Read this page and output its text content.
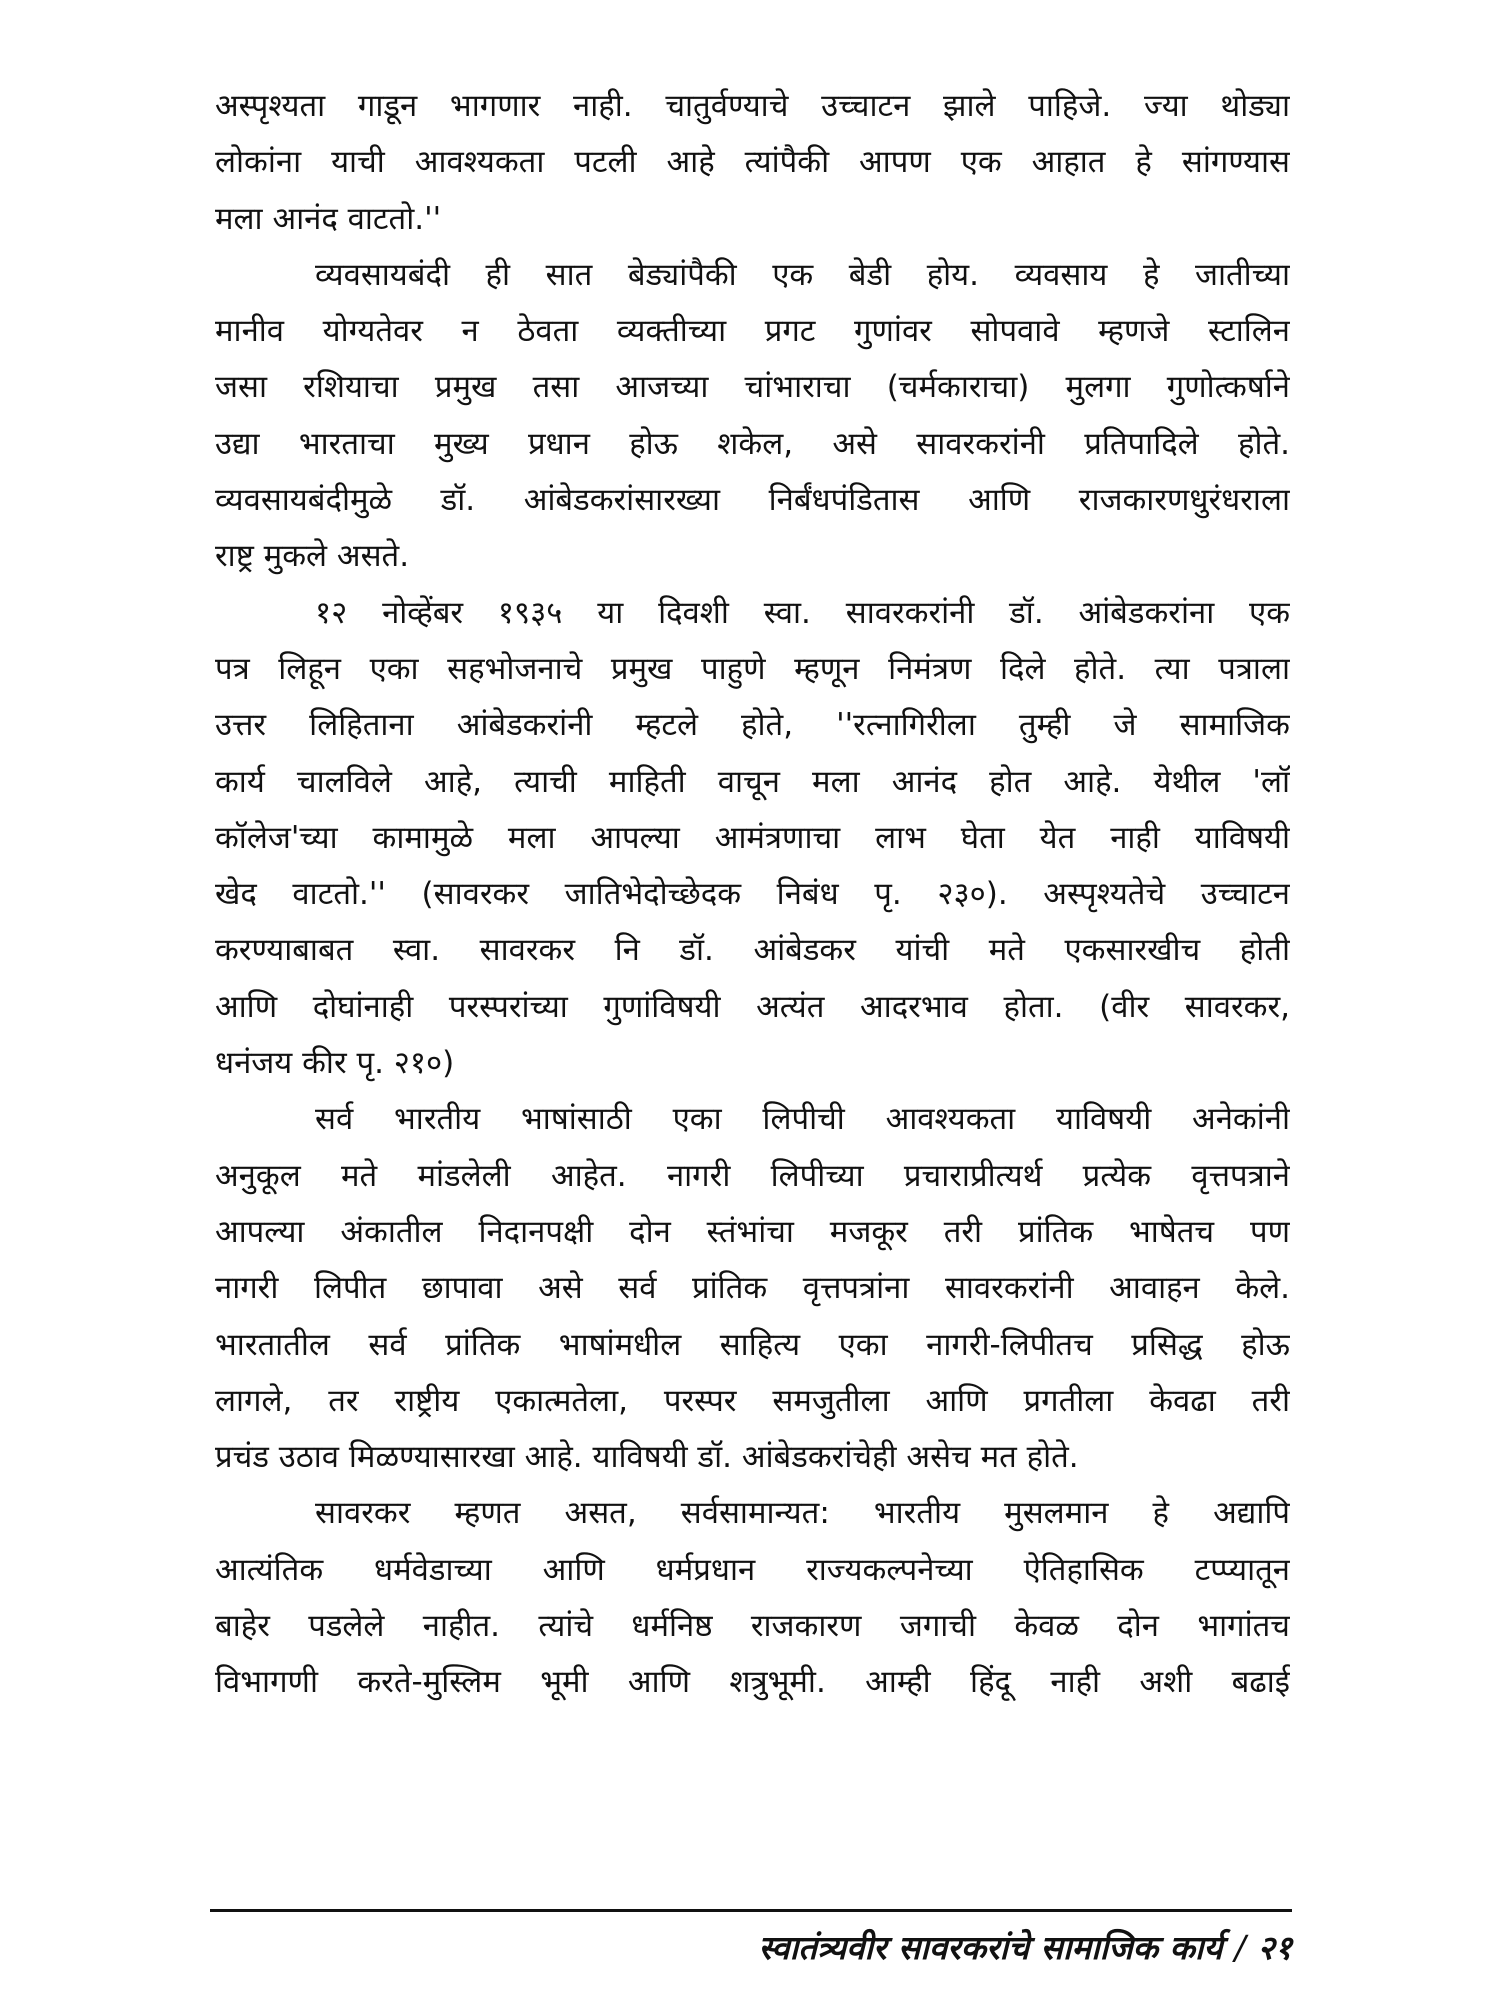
अस्पृश्यता गाडून भागणार नाही. चातुर्वण्याचे उच्चाटन झाले पाहिजे. ज्या थोड्या
लोकांना याची आवश्यकता पटली आहे त्यांपैकी आपण एक आहात हे सांगण्यास
मला आनंद वाटतो.''
व्यवसायबंदी ही सात बेड्यांपैकी एक बेडी होय. व्यवसाय हे जातीच्या
मानीव योग्यतेवर न ठेवता व्यक्तीच्या प्रगट गुणांवर सोपवावे म्हणजे स्टालिन
जसा रशियाचा प्रमुख तसा आजच्या चांभाराचा (चर्मकाराचा) मुलगा गुणोत्कर्षाने
उद्या भारताचा मुख्य प्रधान होऊ शकेल, असे सावरकरांनी प्रतिपादिले होते.
व्यवसायबंदीमुळे डॉ. आंबेडकरांसारख्या निर्बंधपंडितास आणि राजकारणधुरंधराला
राष्ट्र मुकले असते.
१२ नोव्हेंबर १९३५ या दिवशी स्वा. सावरकरांनी डॉ. आंबेडकरांना एक
पत्र लिहून एका सहभोजनाचे प्रमुख पाहुणे म्हणून निमंत्रण दिले होते. त्या पत्राला
उत्तर लिहिताना आंबेडकरांनी म्हटले होते, ''रत्नागिरीला तुम्ही जे सामाजिक
कार्य चालविले आहे, त्याची माहिती वाचून मला आनंद होत आहे. येथील 'लॉ
कॉलेज'च्या कामामुळे मला आपल्या आमंत्रणाचा लाभ घेता येत नाही याविषयी
खेद वाटतो.'' (सावरकर जातिभेदोच्छेदक निबंध पृ. २३०). अस्पृश्यतेचे उच्चाटन
करण्याबाबत स्वा. सावरकर नि डॉ. आंबेडकर यांची मते एकसारखीच होती
आणि दोघांनाही परस्परांच्या गुणांविषयी अत्यंत आदरभाव होता. (वीर सावरकर,
धनंजय कीर पृ. २१०)
सर्व भारतीय भाषांसाठी एका लिपीची आवश्यकता याविषयी अनेकांनी
अनुकूल मते मांडलेली आहेत. नागरी लिपीच्या प्रचाराप्रीत्यर्थ प्रत्येक वृत्तपत्राने
आपल्या अंकातील निदानपक्षी दोन स्तंभांचा मजकूर तरी प्रांतिक भाषेतच पण
नागरी लिपीत छापावा असे सर्व प्रांतिक वृत्तपत्रांना सावरकरांनी आवाहन केले.
भारतातील सर्व प्रांतिक भाषांमधील साहित्य एका नागरी-लिपीतच प्रसिद्ध होऊ
लागले, तर राष्ट्रीय एकात्मतेला, परस्पर समजुतीला आणि प्रगतीला केवढा तरी
प्रचंड उठाव मिळण्यासारखा आहे. याविषयी डॉ. आंबेडकरांचेही असेच मत होते.
सावरकर म्हणत असत, सर्वसामान्यत: भारतीय मुसलमान हे अद्यापि
आत्यंतिक धर्मवेडाच्या आणि धर्मप्रधान राज्यकल्पनेच्या ऐतिहासिक टप्प्यातून
बाहेर पडलेले नाहीत. त्यांचे धर्मनिष्ठ राजकारण जगाची केवळ दोन भागांतच
विभागणी करते-मुस्लिम भूमी आणि शत्रुभूमी. आम्ही हिंदू नाही अशी बढाई
स्वातंत्र्यवीर सावरकरांचे सामाजिक कार्य / २१
